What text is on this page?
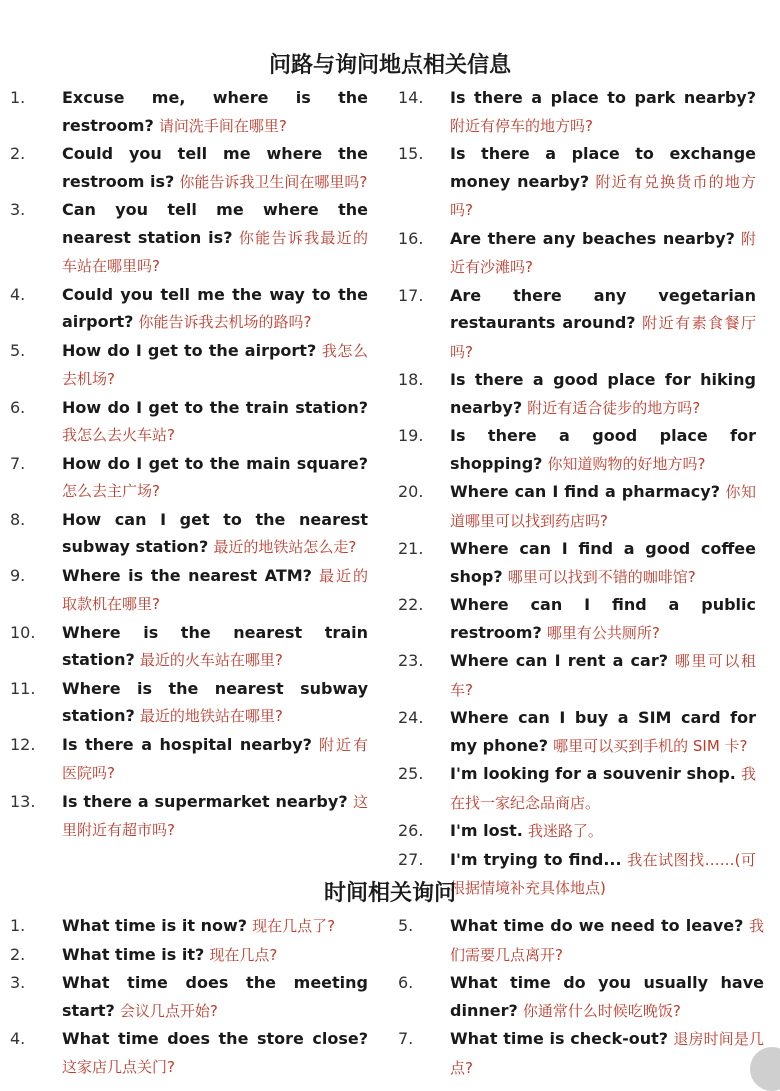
问路与询问地点相关信息
1. Excuse me, where is the restroom? 请问洗手间在哪里?
2. Could you tell me where the restroom is? 你能告诉我卫生间在哪里吗?
3. Can you tell me where the nearest station is? 你能告诉我最近的车站在哪里吗?
4. Could you tell me the way to the airport? 你能告诉我去机场的路吗?
5. How do I get to the airport? 我怎么去机场?
6. How do I get to the train station? 我怎么去火车站?
7. How do I get to the main square? 怎么去主广场?
8. How can I get to the nearest subway station? 最近的地铁站怎么走?
9. Where is the nearest ATM? 最近的取款机在哪里?
10. Where is the nearest train station? 最近的火车站在哪里?
11. Where is the nearest subway station? 最近的地铁站在哪里?
12. Is there a hospital nearby? 附近有医院吗?
13. Is there a supermarket nearby? 这里附近有超市吗?
14. Is there a place to park nearby? 附近有停车的地方吗?
15. Is there a place to exchange money nearby? 附近有兑换货币的地方吗?
16. Are there any beaches nearby? 附近有沙滩吗?
17. Are there any vegetarian restaurants around? 附近有素食餐厅吗?
18. Is there a good place for hiking nearby? 附近有适合徒步的地方吗?
19. Is there a good place for shopping? 你知道购物的好地方吗?
20. Where can I find a pharmacy? 你知道哪里可以找到药店吗?
21. Where can I find a good coffee shop? 哪里可以找到不错的咖啡馆?
22. Where can I find a public restroom? 哪里有公共厕所?
23. Where can I rent a car? 哪里可以租车?
24. Where can I buy a SIM card for my phone? 哪里可以买到手机的 SIM 卡?
25. I'm looking for a souvenir shop. 我在找一家纪念品商店。
26. I'm lost. 我迷路了。
27. I'm trying to find... 我在试图找……(可根据情境补充具体地点)
时间相关询问
1. What time is it now? 现在几点了?
2. What time is it? 现在几点?
3. What time does the meeting start? 会议几点开始?
4. What time does the store close? 这家店几点关门?
5. What time do we need to leave? 我们需要几点离开?
6. What time do you usually have dinner? 你通常什么时候吃晚饭?
7. What time is check-out? 退房时间是几点?
